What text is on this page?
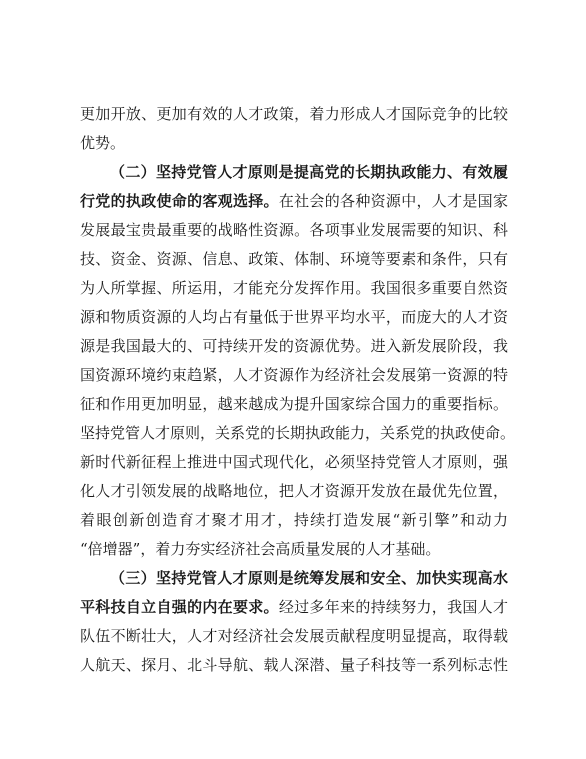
更加开放、更加有效的人才政策，着力形成人才国际竞争的比较
优势。
（二）坚持党管人才原则是提高党的长期执政能力、有效履
行党的执政使命的客观选择。在社会的各种资源中，人才是国家
发展最宝贵最重要的战略性资源。各项事业发展需要的知识、科
技、资金、资源、信息、政策、体制、环境等要素和条件，只有
为人所掌握、所运用，才能充分发挥作用。我国很多重要自然资
源和物质资源的人均占有量低于世界平均水平，而庞大的人才资
源是我国最大的、可持续开发的资源优势。进入新发展阶段，我
国资源环境约束趋紧，人才资源作为经济社会发展第一资源的特
征和作用更加明显，越来越成为提升国家综合国力的重要指标。
坚持党管人才原则，关系党的长期执政能力，关系党的执政使命。
新时代新征程上推进中国式现代化，必须坚持党管人才原则，强
化人才引领发展的战略地位，把人才资源开发放在最优先位置，
着眼创新创造育才聚才用才，持续打造发展“新引擎”和动力
“倍增器”，着力夯实经济社会高质量发展的人才基础。
（三）坚持党管人才原则是统筹发展和安全、加快实现高水
平科技自立自强的内在要求。经过多年来的持续努力，我国人才
队伍不断壮大，人才对经济社会发展贡献程度明显提高，取得载
人航天、探月、北斗导航、载人深潜、量子科技等一系列标志性
